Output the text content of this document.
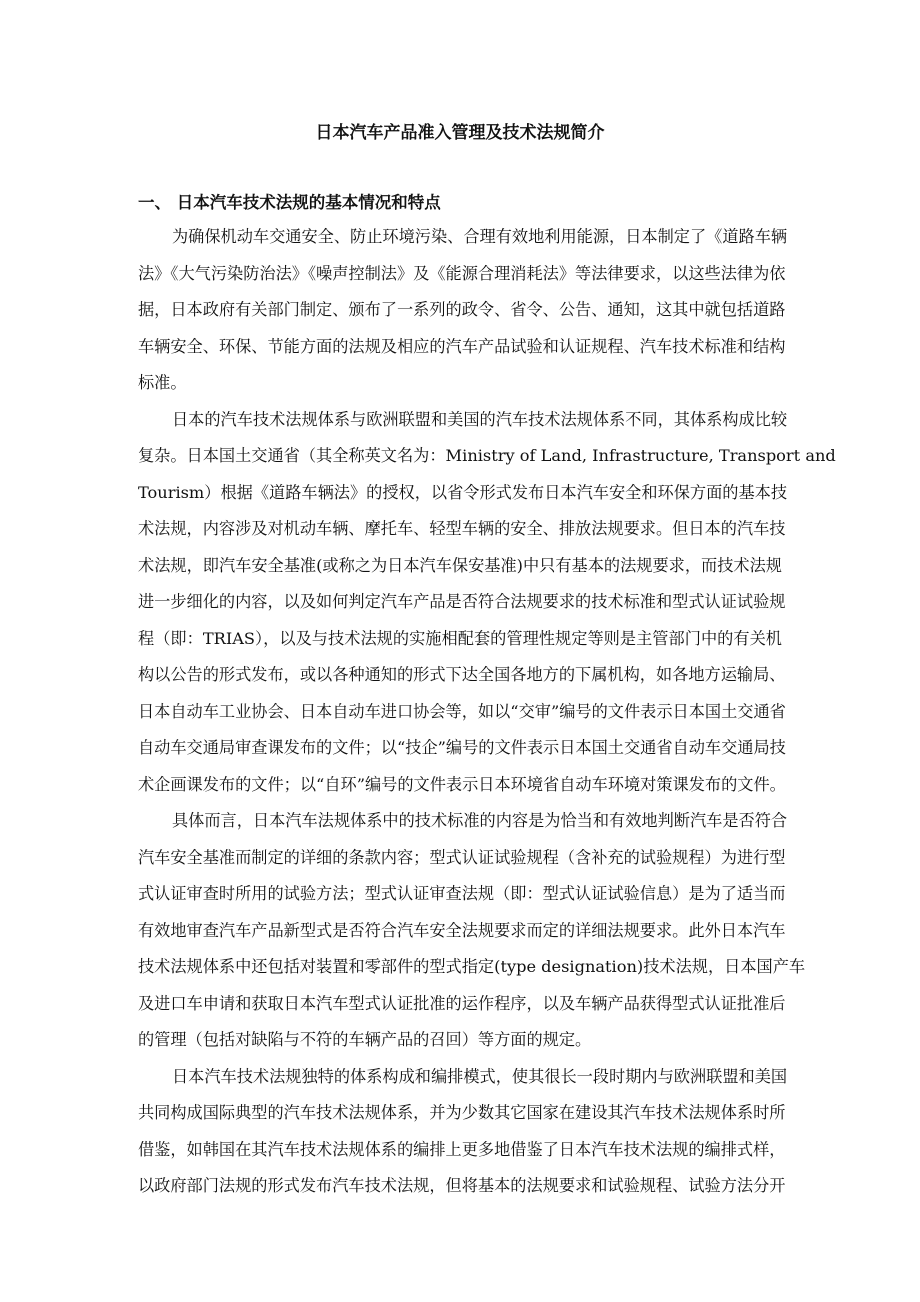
日本汽车产品准入管理及技术法规简介
一、 日本汽车技术法规的基本情况和特点
为确保机动车交通安全、防止环境污染、合理有效地利用能源，日本制定了《道路车辆
法》《大气污染防治法》《噪声控制法》及《能源合理消耗法》等法律要求，以这些法律为依
据，日本政府有关部门制定、颁布了一系列的政令、省令、公告、通知，这其中就包括道路
车辆安全、环保、节能方面的法规及相应的汽车产品试验和认证规程、汽车技术标准和结构
标准。
日本的汽车技术法规体系与欧洲联盟和美国的汽车技术法规体系不同，其体系构成比较
复杂。日本国土交通省（其全称英文名为：Ministry of Land, Infrastructure, Transport and
Tourism）根据《道路车辆法》的授权，以省令形式发布日本汽车安全和环保方面的基本技
术法规，内容涉及对机动车辆、摩托车、轻型车辆的安全、排放法规要求。但日本的汽车技
术法规，即汽车安全基准(或称之为日本汽车保安基准)中只有基本的法规要求，而技术法规
进一步细化的内容，以及如何判定汽车产品是否符合法规要求的技术标准和型式认证试验规
程（即：TRIAS），以及与技术法规的实施相配套的管理性规定等则是主管部门中的有关机
构以公告的形式发布，或以各种通知的形式下达全国各地方的下属机构，如各地方运输局、
日本自动车工业协会、日本自动车进口协会等，如以“交审”编号的文件表示日本国土交通省
自动车交通局审查课发布的文件；以“技企”编号的文件表示日本国土交通省自动车交通局技
术企画课发布的文件；以“自环”编号的文件表示日本环境省自动车环境对策课发布的文件。
具体而言，日本汽车法规体系中的技术标准的内容是为恰当和有效地判断汽车是否符合
汽车安全基准而制定的详细的条款内容；型式认证试验规程（含补充的试验规程）为进行型
式认证审查时所用的试验方法；型式认证审查法规（即：型式认证试验信息）是为了适当而
有效地审查汽车产品新型式是否符合汽车安全法规要求而定的详细法规要求。此外日本汽车
技术法规体系中还包括对装置和零部件的型式指定(type designation)技术法规，日本国产车
及进口车申请和获取日本汽车型式认证批准的运作程序，以及车辆产品获得型式认证批准后
的管理（包括对缺陷与不符的车辆产品的召回）等方面的规定。
日本汽车技术法规独特的体系构成和编排模式，使其很长一段时期内与欧洲联盟和美国
共同构成国际典型的汽车技术法规体系，并为少数其它国家在建设其汽车技术法规体系时所
借鉴，如韩国在其汽车技术法规体系的编排上更多地借鉴了日本汽车技术法规的编排式样，
以政府部门法规的形式发布汽车技术法规，但将基本的法规要求和试验规程、试验方法分开
